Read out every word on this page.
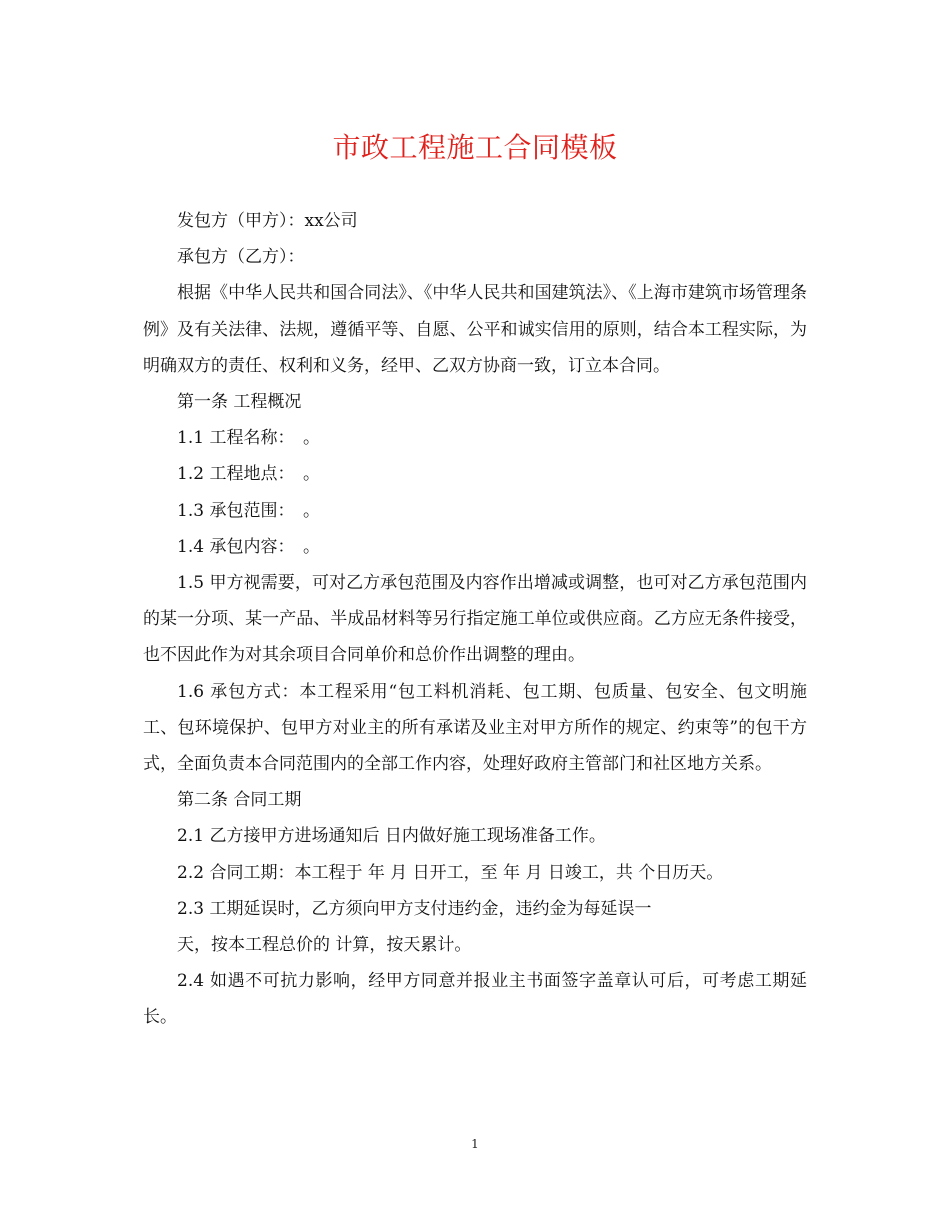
市政工程施工合同模板

发包方（甲方）：xx公司

承包方（乙方）：

根据《中华人民共和国合同法》、《中华人民共和国建筑法》、《上海市建筑市场管理条例》及有关法律、法规，遵循平等、自愿、公平和诚实信用的原则，结合本工程实际，为明确双方的责任、权利和义务，经甲、乙双方协商一致，订立本合同。

第一条 工程概况

1.1 工程名称：　。

1.2 工程地点：　。

1.3 承包范围：　。

1.4 承包内容：　。

1.5 甲方视需要，可对乙方承包范围及内容作出增减或调整，也可对乙方承包范围内的某一分项、某一产品、半成品材料等另行指定施工单位或供应商。乙方应无条件接受，也不因此作为对其余项目合同单价和总价作出调整的理由。

1.6 承包方式：本工程采用“包工料机消耗、包工期、包质量、包安全、包文明施工、包环境保护、包甲方对业主的所有承诺及业主对甲方所作的规定、约束等”的包干方式，全面负责本合同范围内的全部工作内容，处理好政府主管部门和社区地方关系。

第二条 合同工期

2.1 乙方接甲方进场通知后 日内做好施工现场准备工作。

2.2 合同工期：本工程于 年 月 日开工，至 年 月 日竣工，共 个日历天。

2.3 工期延误时，乙方须向甲方支付违约金，违约金为每延误一

天，按本工程总价的 计算，按天累计。

2.4 如遇不可抗力影响，经甲方同意并报业主书面签字盖章认可后，可考虑工期延长。

1
